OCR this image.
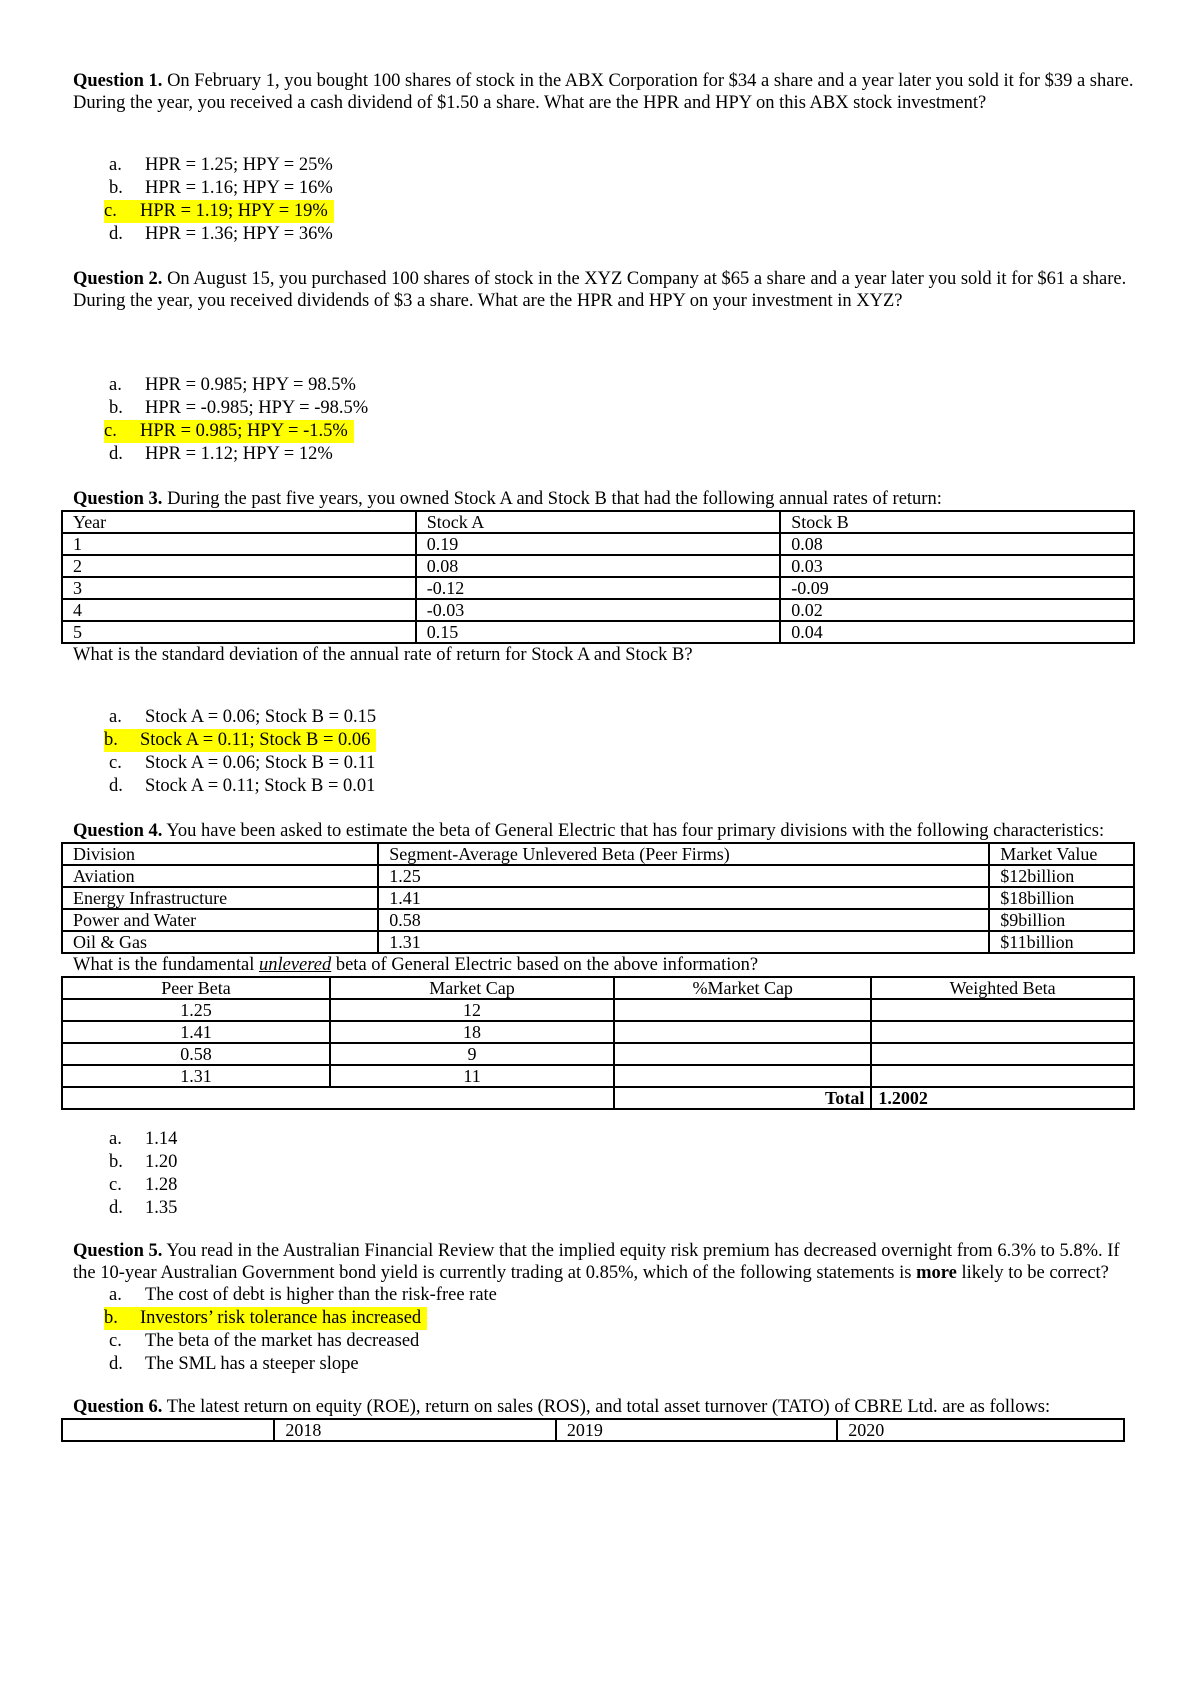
Question 1. On February 1, you bought 100 shares of stock in the ABX Corporation for $34 a share and a year later you sold it for $39 a share. During the year, you received a cash dividend of $1.50 a share. What are the HPR and HPY on this ABX stock investment?

a. HPR = 1.25; HPY = 25%
b. HPR = 1.16; HPY = 16%
c. HPR = 1.19; HPY = 19%
d. HPR = 1.36; HPY = 36%

Question 2. On August 15, you purchased 100 shares of stock in the XYZ Company at $65 a share and a year later you sold it for $61 a share. During the year, you received dividends of $3 a share. What are the HPR and HPY on your investment in XYZ?

a. HPR = 0.985; HPY = 98.5%
b. HPR = -0.985; HPY = -98.5%
c. HPR = 0.985; HPY = -1.5%
d. HPR = 1.12; HPY = 12%

Question 3. During the past five years, you owned Stock A and Stock B that had the following annual rates of return:

Year	Stock A	Stock B
1	0.19	0.08
2	0.08	0.03
3	-0.12	-0.09
4	-0.03	0.02
5	0.15	0.04

What is the standard deviation of the annual rate of return for Stock A and Stock B?

a. Stock A = 0.06; Stock B = 0.15
b. Stock A = 0.11; Stock B = 0.06
c. Stock A = 0.06; Stock B = 0.11
d. Stock A = 0.11; Stock B = 0.01

Question 4. You have been asked to estimate the beta of General Electric that has four primary divisions with the following characteristics:

Division	Segment-Average Unlevered Beta (Peer Firms)	Market Value
Aviation	1.25	$12billion
Energy Infrastructure	1.41	$18billion
Power and Water	0.58	$9billion
Oil & Gas	1.31	$11billion

What is the fundamental unlevered beta of General Electric based on the above information?

Peer Beta	Market Cap	%Market Cap	Weighted Beta
1.25	12		
1.41	18		
0.58	9		
1.31	11		
		Total	1.2002
a. 1.14
b. 1.20
c. 1.28
d. 1.35

Question 5. You read in the Australian Financial Review that the implied equity risk premium has decreased overnight from 6.3% to 5.8%. If the 10-year Australian Government bond yield is currently trading at 0.85%, which of the following statements is more likely to be correct?

a. The cost of debt is higher than the risk-free rate
b. Investors’ risk tolerance has increased
c. The beta of the market has decreased
d. The SML has a steeper slope

Question 6. The latest return on equity (ROE), return on sales (ROS), and total asset turnover (TATO) of CBRE Ltd. are as follows:

	2018	2019	2020
